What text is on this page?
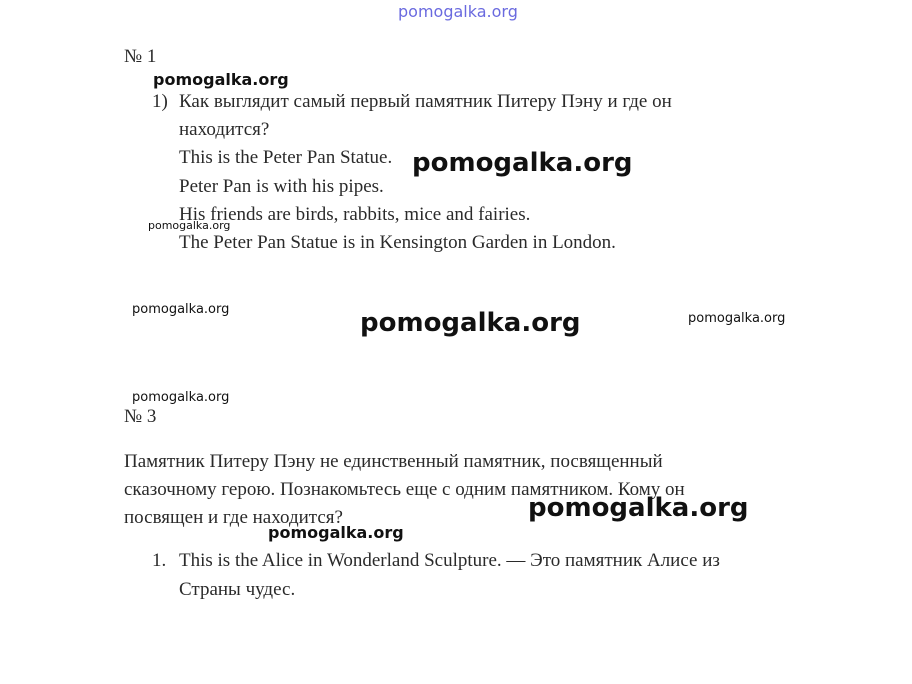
pomogalka.org
№ 1
pomogalka.org
1) Как выглядит самый первый памятник Питеру Пэну и где он
находится?
This is the Peter Pan Statue.
Peter Pan is with his pipes.
His friends are birds, rabbits, mice and fairies.
The Peter Pan Statue is in Kensington Garden in London.
pomogalka.org
pomogalka.org
pomogalka.org	pomogalka.org	pomogalka.org
pomogalka.org
№ 3
Памятник Питеру Пэну не единственный памятник, посвященный
сказочному герою. Познакомьтесь еще с одним памятником. Кому он
посвящен и где находится?	pomogalka.org
pomogalka.org
1. This is the Alice in Wonderland Sculpture. — Это памятник Алисе из
Страны чудес.
